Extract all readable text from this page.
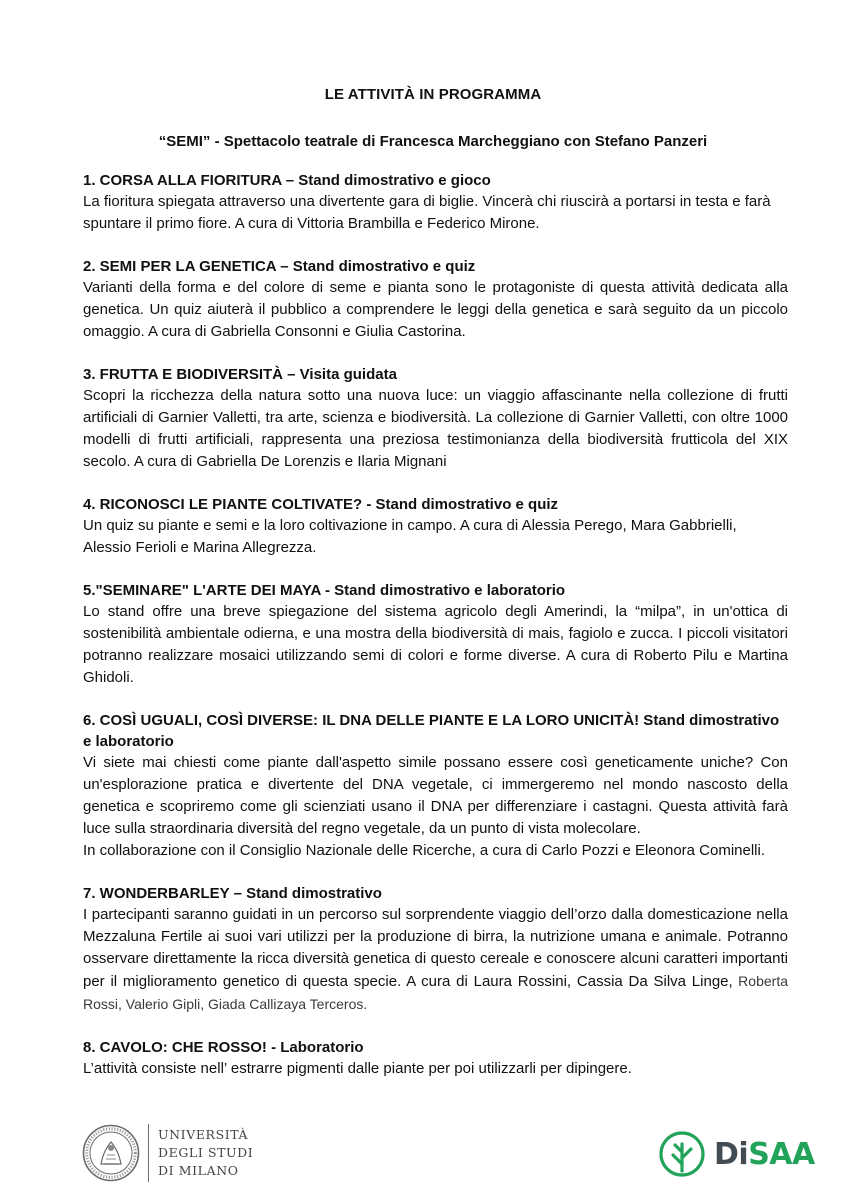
LE ATTIVITÀ IN PROGRAMMA
“SEMI” - Spettacolo teatrale di Francesca Marcheggiano con Stefano Panzeri
1. CORSA ALLA FIORITURA – Stand dimostrativo e gioco

La fioritura spiegata attraverso una divertente gara di biglie. Vincerà chi riuscirà a portarsi in testa e farà spuntare il primo fiore. A cura di Vittoria Brambilla e Federico Mirone.

2. SEMI PER LA GENETICA – Stand dimostrativo e quiz

Varianti della forma e del colore di seme e pianta sono le protagoniste di questa attività dedicata alla genetica. Un quiz aiuterà il pubblico a comprendere le leggi della genetica e sarà seguito da un piccolo omaggio. A cura di Gabriella Consonni e Giulia Castorina.

3. FRUTTA E BIODIVERSITÀ – Visita guidata

Scopri la ricchezza della natura sotto una nuova luce: un viaggio affascinante nella collezione di frutti artificiali di Garnier Valletti, tra arte, scienza e biodiversità. La collezione di Garnier Valletti, con oltre 1000 modelli di frutti artificiali, rappresenta una preziosa testimonianza della biodiversità frutticola del XIX secolo. A cura di Gabriella De Lorenzis e Ilaria Mignani

4. RICONOSCI LE PIANTE COLTIVATE? - Stand dimostrativo e quiz

Un quiz su piante e semi e la loro coltivazione in campo. A cura di Alessia Perego, Mara Gabbrielli, Alessio Ferioli e Marina Allegrezza.

5."SEMINARE" L'ARTE DEI MAYA - Stand dimostrativo e laboratorio

Lo stand offre una breve spiegazione del sistema agricolo degli Amerindi, la “milpa”, in un'ottica di sostenibilità ambientale odierna, e una mostra della biodiversità di mais, fagiolo e zucca. I piccoli visitatori potranno realizzare mosaici utilizzando semi di colori e forme diverse. A cura di Roberto Pilu e Martina Ghidoli.

6. COSÌ UGUALI, COSÌ DIVERSE: IL DNA DELLE PIANTE E LA LORO UNICITÀ! Stand dimostrativo e laboratorio

Vi siete mai chiesti come piante dall'aspetto simile possano essere così geneticamente uniche? Con un'esplorazione pratica e divertente del DNA vegetale, ci immergeremo nel mondo nascosto della genetica e scopriremo come gli scienziati usano il DNA per differenziare i castagni. Questa attività farà luce sulla straordinaria diversità del regno vegetale, da un punto di vista molecolare.

In collaborazione con il Consiglio Nazionale delle Ricerche, a cura di Carlo Pozzi e Eleonora Cominelli.

7. WONDERBARLEY – Stand dimostrativo

I partecipanti saranno guidati in un percorso sul sorprendente viaggio dell’orzo dalla domesticazione nella Mezzaluna Fertile ai suoi vari utilizzi per la produzione di birra, la nutrizione umana e animale. Potranno osservare direttamente la ricca diversità genetica di questo cereale e conoscere alcuni caratteri importanti per il miglioramento genetico di questa specie. A cura di Laura Rossini, Cassia Da Silva Linge, Roberta Rossi, Valerio Gipli, Giada Callizaya Terceros.

8. CAVOLO: CHE ROSSO! - Laboratorio

L’attività consiste nell’ estrarre pigmenti dalle piante per poi utilizzarli per dipingere.

UNIVERSITÀ
DEGLI STUDI
DI MILANO	DiSAA
